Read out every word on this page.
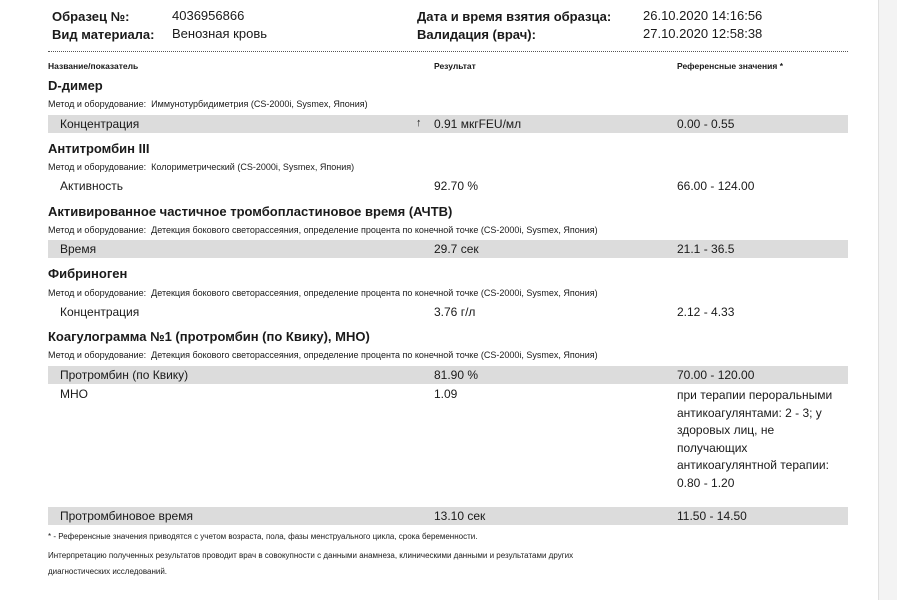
Образец №:	4036956866
Вид материала: Венозная кровь
Дата и время взятия образца: 26.10.2020 14:16:56
Валидация (врач):	27.10.2020 12:58:38
Название/показатель	Результат	Референсные значения *
D-димер
Метод и оборудование: Иммунотурбидиметрия (CS-2000i, Sysmex, Япония)
Концентрация	↑ 0.91 мкгFEU/мл	0.00 - 0.55
Антитромбин III
Метод и оборудование: Колориметрический (CS-2000i, Sysmex, Япония)
Активность	92.70 %	66.00 - 124.00
Активированное частичное тромбопластиновое время (АЧТВ)
Метод и оборудование: Детекция бокового светорассеяния, определение процента по конечной точке (CS-2000i, Sysmex, Япония)
Время	29.7 сек	21.1 - 36.5
Фибриноген
Метод и оборудование: Детекция бокового светорассеяния, определение процента по конечной точке (CS-2000i, Sysmex, Япония)
Концентрация	3.76 г/л	2.12 - 4.33
Коагулограмма №1 (протромбин (по Квику), МНО)
Метод и оборудование: Детекция бокового светорассеяния, определение процента по конечной точке (CS-2000i, Sysmex, Япония)
Протромбин (по Квику)	81.90 %	70.00 - 120.00
МНО	1.09	при терапии пероральными антикоагулянтами: 2 - 3; у здоровых лиц, не получающих антикоагулянтной терапии: 0.80 - 1.20
Протромбиновое время	13.10 сек	11.50 - 14.50
* - Референсные значения приводятся с учетом возраста, пола, фазы менструального цикла, срока беременности.
Интерпретацию полученных результатов проводит врач в совокупности с данными анамнеза, клиническими данными и результатами других
диагностических исследований.
